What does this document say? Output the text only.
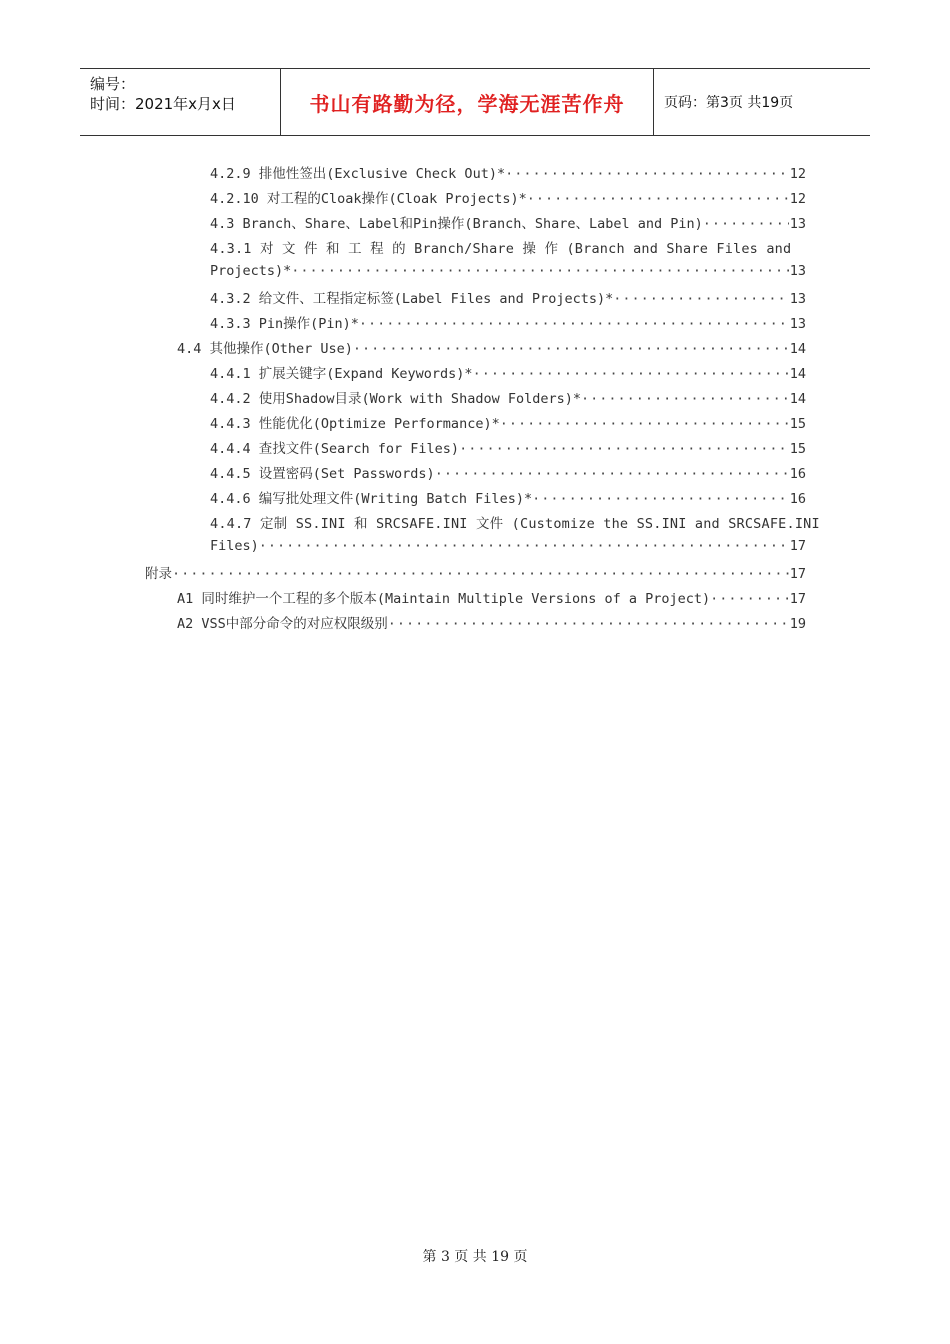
编号：
时间：2021年x月x日	书山有路勤为径，学海无涯苦作舟	页码：第3页 共19页
4.2.9 排他性签出(Exclusive Check Out)* ·····	12
4.2.10 对工程的Cloak操作(Cloak Projects)* ·····	12
4.3 Branch、Share、Label和Pin操作(Branch、Share、Label and Pin) ·····	13
4.3.1 对 文 件 和 工 程 的 Branch/Share 操 作 (Branch and Share Files and
Projects)* ·····	13
4.3.2 给文件、工程指定标签(Label Files and Projects)* ·····	13
4.3.3 Pin操作(Pin)* ·····	13
4.4 其他操作(Other Use) ·····	14
4.4.1 扩展关键字(Expand Keywords)* ·····	14
4.4.2 使用Shadow目录(Work with Shadow Folders)* ·····	14
4.4.3 性能优化(Optimize Performance)* ·····	15
4.4.4 查找文件(Search for Files) ·····	15
4.4.5 设置密码(Set Passwords) ·····	16
4.4.6 编写批处理文件(Writing Batch Files)* ·····	16
4.4.7 定制 SS.INI 和 SRCSAFE.INI 文件 (Customize the SS.INI and SRCSAFE.INI
Files) ·····	17
附录 ·····	17
A1 同时维护一个工程的多个版本(Maintain Multiple Versions of a Project) ·····	17
A2 VSS中部分命令的对应权限级别 ·····	19
第 3 页 共 19 页
